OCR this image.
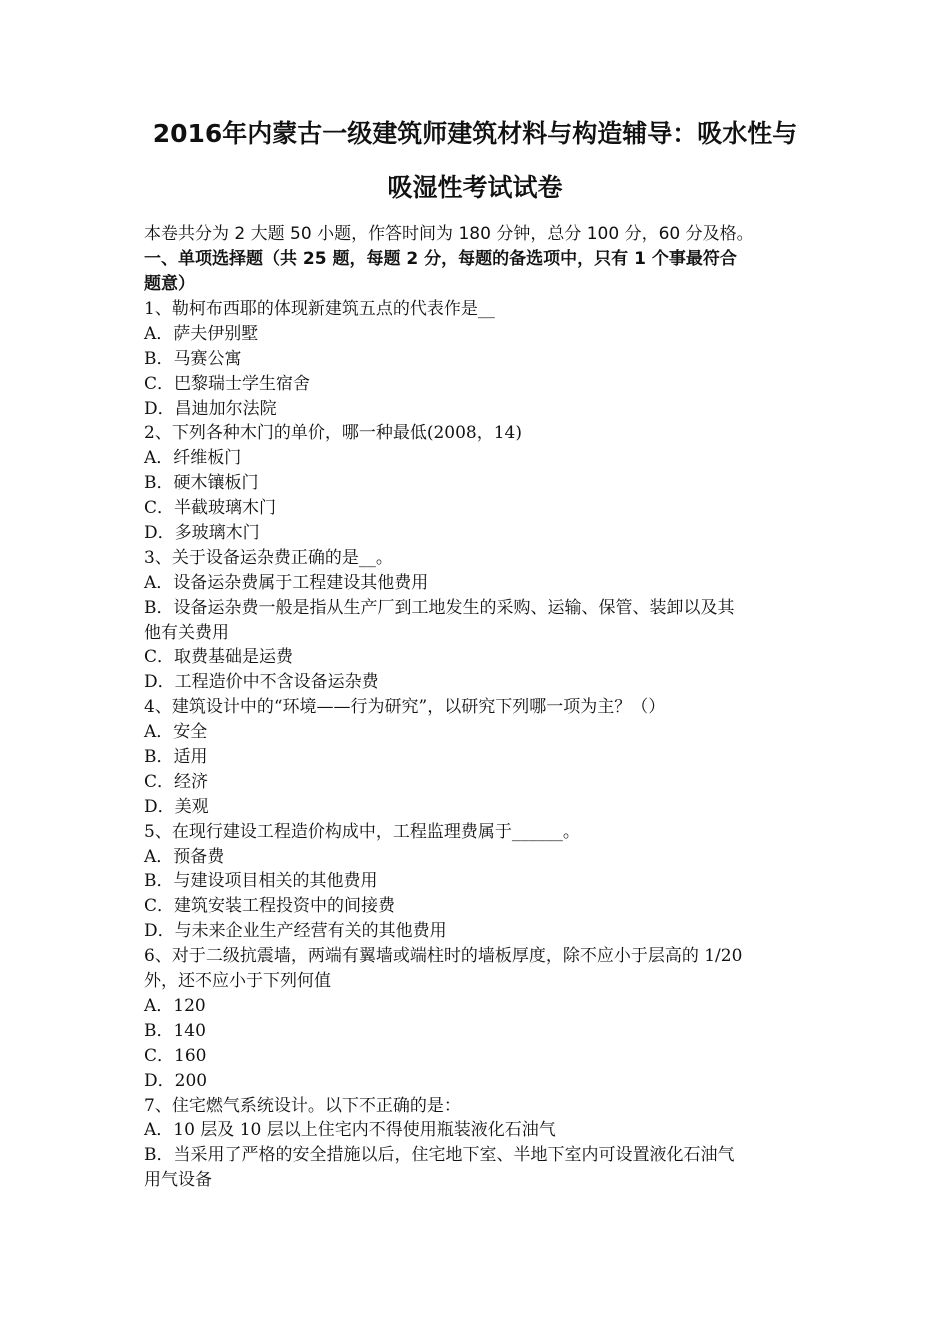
2016年内蒙古一级建筑师建筑材料与构造辅导：吸水性与
吸湿性考试试卷
本卷共分为 2 大题 50 小题，作答时间为 180 分钟，总分 100 分，60 分及格。
一、单项选择题（共 25 题，每题 2 分，每题的备选项中，只有 1 个事最符合
题意）
1、勒柯布西耶的体现新建筑五点的代表作是__
A．萨夫伊别墅
B．马赛公寓
C．巴黎瑞士学生宿舍
D．昌迪加尔法院
2、下列各种木门的单价，哪一种最低(2008，14)
A．纤维板门
B．硬木镶板门
C．半截玻璃木门
D．多玻璃木门
3、关于设备运杂费正确的是__。
A．设备运杂费属于工程建设其他费用
B．设备运杂费一般是指从生产厂到工地发生的采购、运输、保管、装卸以及其
他有关费用
C．取费基础是运费
D．工程造价中不含设备运杂费
4、建筑设计中的“环境——行为研究”，以研究下列哪一项为主？（）
A．安全
B．适用
C．经济
D．美观
5、在现行建设工程造价构成中，工程监理费属于______。
A．预备费
B．与建设项目相关的其他费用
C．建筑安装工程投资中的间接费
D．与未来企业生产经营有关的其他费用
6、对于二级抗震墙，两端有翼墙或端柱时的墙板厚度，除不应小于层高的 1/20
外，还不应小于下列何值
A．120
B．140
C．160
D．200
7、住宅燃气系统设计。以下不正确的是：
A．10 层及 10 层以上住宅内不得使用瓶装液化石油气
B．当采用了严格的安全措施以后，住宅地下室、半地下室内可设置液化石油气
用气设备
